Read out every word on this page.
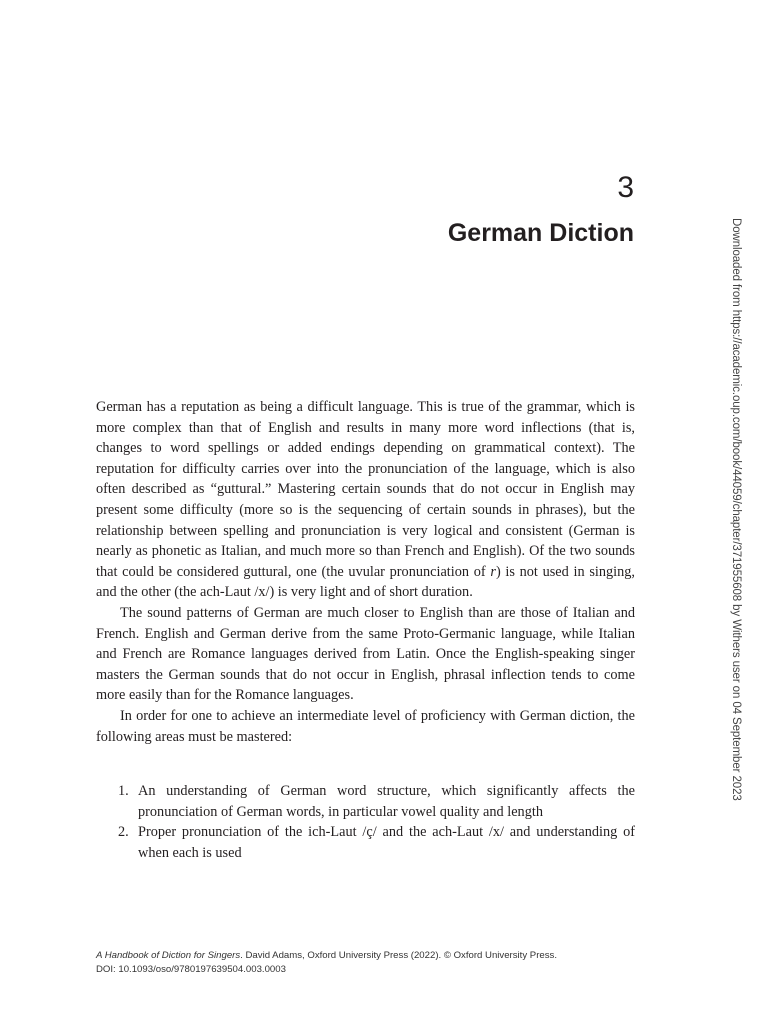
3
German Diction	Downloaded from https://academic.oup.com/book/44059/chapter/371955608 by Withers user on 04 September 2023

German has a reputation as being a difficult language. This is true of the grammar, which is more complex than that of English and results in many more word inflections (that is, changes to word spellings or added endings depending on grammatical context). The reputation for difficulty carries over into the pronunciation of the language, which is also often described as “guttural.” Mastering certain sounds that do not occur in English may present some difficulty (more so is the sequencing of certain sounds in phrases), but the relationship between spelling and pronunciation is very logical and consistent (German is nearly as phonetic as Italian, and much more so than French and English). Of the two sounds that could be considered guttural, one (the uvular pronunciation of r) is not used in singing, and the other (the ach-Laut /x/) is very light and of short duration.

The sound patterns of German are much closer to English than are those of Italian and French. English and German derive from the same Proto-Germanic language, while Italian and French are Romance languages derived from Latin. Once the English-speaking singer masters the German sounds that do not occur in English, phrasal inflection tends to come more easily than for the Romance languages.

In order for one to achieve an intermediate level of proficiency with German diction, the following areas must be mastered:

1. An understanding of German word structure, which significantly affects the pronunciation of German words, in particular vowel quality and length
2. Proper pronunciation of the ich-Laut /ç/ and the ach-Laut /x/ and understanding of when each is used
A Handbook of Diction for Singers. David Adams, Oxford University Press (2022). © Oxford University Press.
DOI: 10.1093/oso/9780197639504.003.0003
